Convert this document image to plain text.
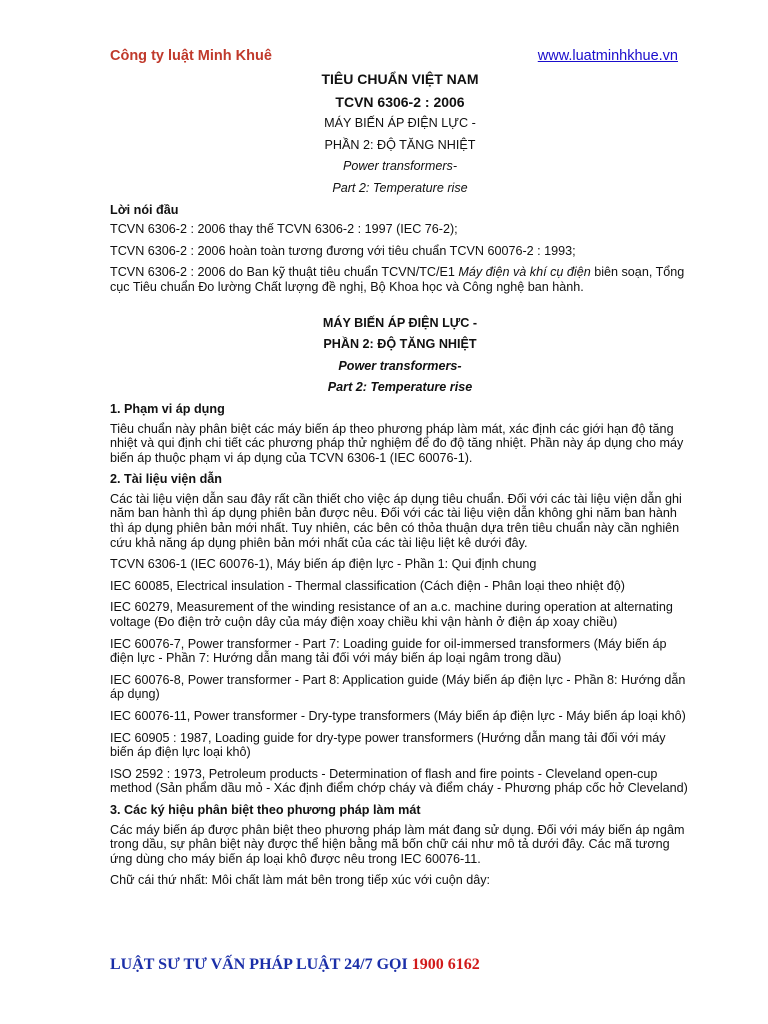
Công ty luật Minh Khuê	www.luatminhkhue.vn
TIÊU CHUẨN VIỆT NAM
TCVN 6306-2 : 2006
MÁY BIẾN ÁP ĐIỆN LỰC -
PHẦN 2: ĐỘ TĂNG NHIỆT
Power transformers-
Part 2: Temperature rise
Lời nói đầu

TCVN 6306-2 : 2006 thay thế TCVN 6306-2 : 1997 (IEC 76-2);

TCVN 6306-2 : 2006 hoàn toàn tương đương với tiêu chuẩn TCVN 60076-2 : 1993;

TCVN 6306-2 : 2006 do Ban kỹ thuật tiêu chuẩn TCVN/TC/E1 Máy điện và khí cụ điện biên soạn, Tổng cục Tiêu chuẩn Đo lường Chất lượng đề nghị, Bộ Khoa học và Công nghệ ban hành.

MÁY BIẾN ÁP ĐIỆN LỰC -
PHẦN 2: ĐỘ TĂNG NHIỆT
Power transformers-
Part 2: Temperature rise
1. Phạm vi áp dụng

Tiêu chuẩn này phân biệt các máy biến áp theo phương pháp làm mát, xác định các giới hạn độ tăng nhiệt và qui định chi tiết các phương pháp thử nghiệm để đo độ tăng nhiệt. Phần này áp dụng cho máy biến áp thuộc phạm vi áp dụng của TCVN 6306-1 (IEC 60076-1).

2. Tài liệu viện dẫn

Các tài liệu viện dẫn sau đây rất cần thiết cho việc áp dụng tiêu chuẩn. Đối với các tài liệu viện dẫn ghi năm ban hành thì áp dụng phiên bản được nêu. Đối với các tài liệu viện dẫn không ghi năm ban hành thì áp dụng phiên bản mới nhất. Tuy nhiên, các bên có thỏa thuận dựa trên tiêu chuẩn này cần nghiên cứu khả năng áp dụng phiên bản mới nhất của các tài liệu liệt kê dưới đây.

TCVN 6306-1 (IEC 60076-1), Máy biến áp điện lực - Phần 1: Qui định chung

IEC 60085, Electrical insulation - Thermal classification (Cách điện - Phân loại theo nhiệt độ)

IEC 60279, Measurement of the winding resistance of an a.c. machine during operation at alternating voltage (Đo điện trở cuộn dây của máy điện xoay chiều khi vận hành ở điện áp xoay chiều)

IEC 60076-7, Power transformer - Part 7: Loading guide for oil-immersed transformers (Máy biến áp điện lực - Phần 7: Hướng dẫn mang tải đối với máy biến áp loại ngâm trong dầu)

IEC 60076-8, Power transformer - Part 8: Application guide (Máy biến áp điện lực - Phần 8: Hướng dẫn áp dụng)

IEC 60076-11, Power transformer - Dry-type transformers (Máy biến áp điện lực - Máy biến áp loại khô)

IEC 60905 : 1987, Loading guide for dry-type power transformers (Hướng dẫn mang tải đối với máy biến áp điện lực loại khô)

ISO 2592 : 1973, Petroleum products - Determination of flash and fire points - Cleveland open-cup method (Sản phẩm dầu mỏ - Xác định điểm chớp cháy và điểm cháy - Phương pháp cốc hở Cleveland)

3. Các ký hiệu phân biệt theo phương pháp làm mát

Các máy biến áp được phân biệt theo phương pháp làm mát đang sử dụng. Đối với máy biến áp ngâm trong dầu, sự phân biệt này được thể hiện bằng mã bốn chữ cái như mô tả dưới đây. Các mã tương ứng dùng cho máy biến áp loại khô được nêu trong IEC 60076-11.

Chữ cái thứ nhất: Môi chất làm mát bên trong tiếp xúc với cuộn dây:

LUẬT SƯ TƯ VẤN PHÁP LUẬT 24/7 GỌI 1900 6162
